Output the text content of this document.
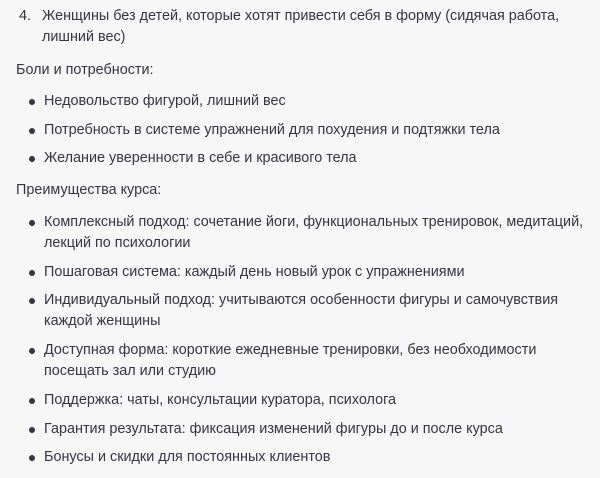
4. Женщины без детей, которые хотят привести себя в форму (сидячая работа, лишний вес)
Боли и потребности:
Недовольство фигурой, лишний вес
Потребность в системе упражнений для похудения и подтяжки тела
Желание уверенности в себе и красивого тела
Преимущества курса:
Комплексный подход: сочетание йоги, функциональных тренировок, медитаций, лекций по психологии
Пошаговая система: каждый день новый урок с упражнениями
Индивидуальный подход: учитываются особенности фигуры и самочувствия каждой женщины
Доступная форма: короткие ежедневные тренировки, без необходимости посещать зал или студию
Поддержка: чаты, консультации куратора, психолога
Гарантия результата: фиксация изменений фигуры до и после курса
Бонусы и скидки для постоянных клиентов
